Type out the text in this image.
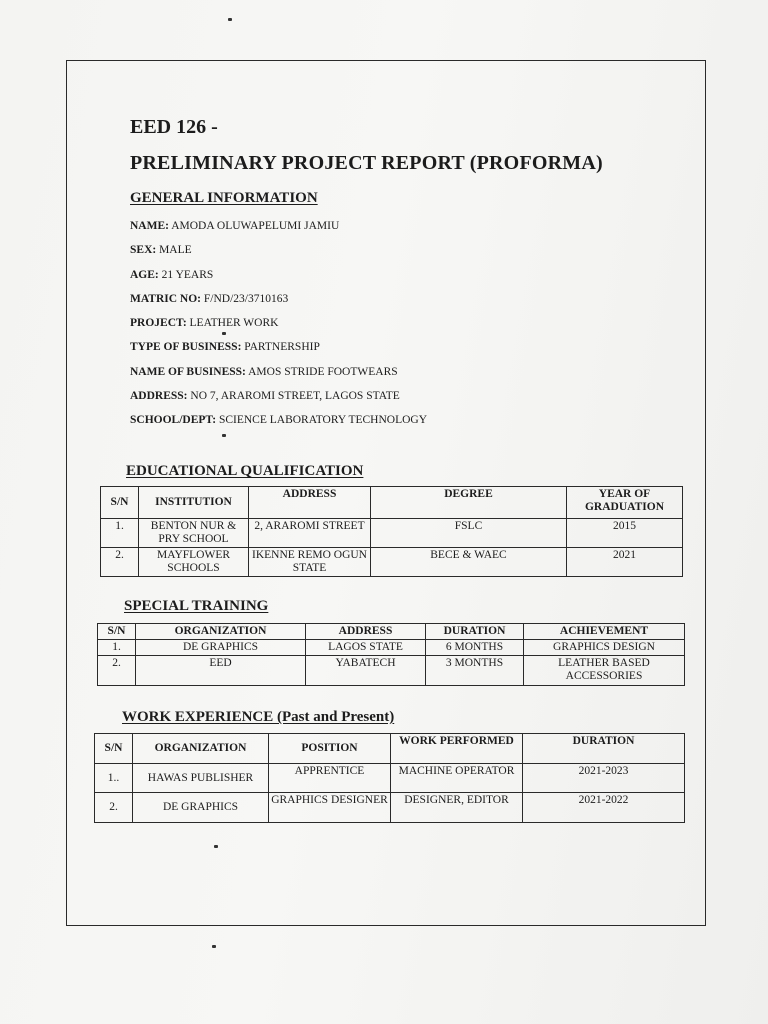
EED 126 -
PRELIMINARY PROJECT REPORT (PROFORMA)
GENERAL INFORMATION
NAME: AMODA OLUWAPELUMI JAMIU
SEX: MALE
AGE: 21 YEARS
MATRIC NO: F/ND/23/3710163
PROJECT: LEATHER WORK
TYPE OF BUSINESS: PARTNERSHIP
NAME OF BUSINESS: AMOS STRIDE FOOTWEARS
ADDRESS: NO 7, ARAROMI STREET, LAGOS STATE
SCHOOL/DEPT: SCIENCE LABORATORY TECHNOLOGY
EDUCATIONAL QUALIFICATION
S/N	INSTITUTION	ADDRESS	DEGREE	YEAR OF GRADUATION
1.	BENTON NUR & PRY SCHOOL	2, ARAROMI STREET	FSLC	2015
2.	MAYFLOWER SCHOOLS	IKENNE REMO OGUN STATE	BECE & WAEC	2021
SPECIAL TRAINING
S/N	ORGANIZATION	ADDRESS	DURATION	ACHIEVEMENT
1.	DE GRAPHICS	LAGOS STATE	6 MONTHS	GRAPHICS DESIGN
2.	EED	YABATECH	3 MONTHS	LEATHER BASED ACCESSORIES
WORK EXPERIENCE (Past and Present)
S/N	ORGANIZATION	POSITION	WORK PERFORMED	DURATION
1..	HAWAS PUBLISHER	APPRENTICE	MACHINE OPERATOR	2021-2023
2.	DE GRAPHICS	GRAPHICS DESIGNER	DESIGNER, EDITOR	2021-2022
